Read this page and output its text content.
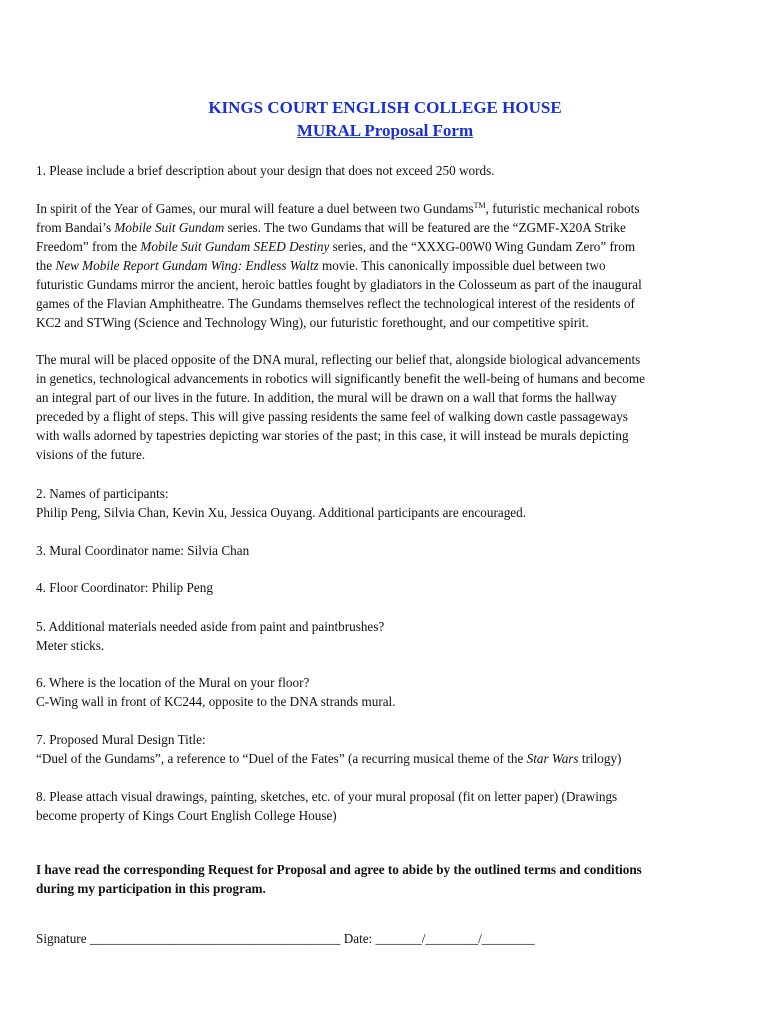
KINGS COURT ENGLISH COLLEGE HOUSE
MURAL Proposal Form

1. Please include a brief description about your design that does not exceed 250 words.

In spirit of the Year of Games, our mural will feature a duel between two Gundams™, futuristic mechanical robots
from Bandai’s Mobile Suit Gundam series. The two Gundams that will be featured are the “ZGMF-X20A Strike
Freedom” from the Mobile Suit Gundam SEED Destiny series, and the “XXXG-00W0 Wing Gundam Zero” from
the New Mobile Report Gundam Wing: Endless Waltz movie. This canonically impossible duel between two
futuristic Gundams mirror the ancient, heroic battles fought by gladiators in the Colosseum as part of the inaugural
games of the Flavian Amphitheatre. The Gundams themselves reflect the technological interest of the residents of
KC2 and STWing (Science and Technology Wing), our futuristic forethought, and our competitive spirit.
The mural will be placed opposite of the DNA mural, reflecting our belief that, alongside biological advancements
in genetics, technological advancements in robotics will significantly benefit the well-being of humans and become
an integral part of our lives in the future. In addition, the mural will be drawn on a wall that forms the hallway
preceded by a flight of steps. This will give passing residents the same feel of walking down castle passageways
with walls adorned by tapestries depicting war stories of the past; in this case, it will instead be murals depicting
visions of the future.
2. Names of participants:
Philip Peng, Silvia Chan, Kevin Xu, Jessica Ouyang. Additional participants are encouraged.
3. Mural Coordinator name: Silvia Chan
4. Floor Coordinator: Philip Peng
5. Additional materials needed aside from paint and paintbrushes?
Meter sticks.
6. Where is the location of the Mural on your floor?
C-Wing wall in front of KC244, opposite to the DNA strands mural.
7. Proposed Mural Design Title:
“Duel of the Gundams”, a reference to “Duel of the Fates” (a recurring musical theme of the Star Wars trilogy)
8. Please attach visual drawings, painting, sketches, etc. of your mural proposal (fit on letter paper) (Drawings
become property of Kings Court English College House)
I have read the corresponding Request for Proposal and agree to abide by the outlined terms and conditions
during my participation in this program.
Signature ______________________________________ Date: _______/________/________
